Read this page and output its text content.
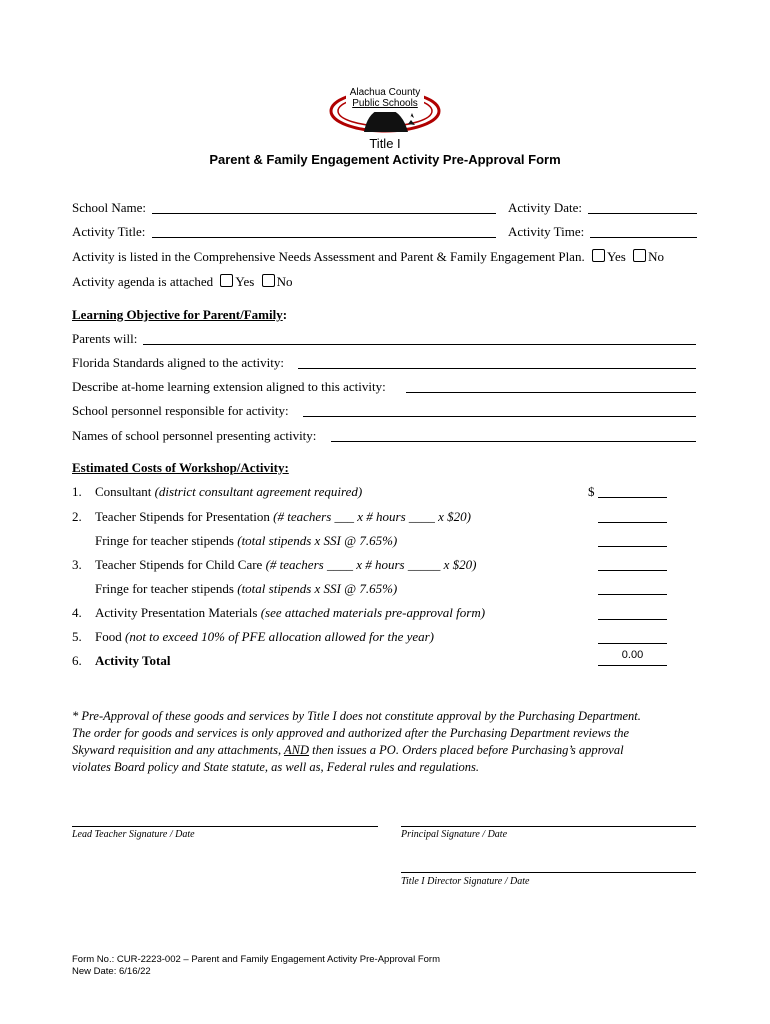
Alachua County
Public Schools
Title I
Parent & Family Engagement Activity Pre-Approval Form
School Name:	Activity Date:
Activity Title:	Activity Time:
Activity is listed in the Comprehensive Needs Assessment and Parent & Family Engagement Plan. Yes No
Activity agenda is attached Yes No
Learning Objective for Parent/Family:
Parents will:
Florida Standards aligned to the activity:
Describe at-home learning extension aligned to this activity:
School personnel responsible for activity:
Names of school personnel presenting activity:
Estimated Costs of Workshop/Activity:
1. Consultant (district consultant agreement required)	$
2. Teacher Stipends for Presentation (# teachers ___ x # hours ____ x $20)
Fringe for teacher stipends (total stipends x SSI @ 7.65%)
3. Teacher Stipends for Child Care (# teachers ____ x # hours _____ x $20)
Fringe for teacher stipends (total stipends x SSI @ 7.65%)
4. Activity Presentation Materials (see attached materials pre-approval form)
5. Food (not to exceed 10% of PFE allocation allowed for the year)
6. Activity Total	0.00
* Pre-Approval of these goods and services by Title I does not constitute approval by the Purchasing Department.
The order for goods and services is only approved and authorized after the Purchasing Department reviews the
Skyward requisition and any attachments, AND then issues a PO. Orders placed before Purchasing’s approval
violates Board policy and State statute, as well as, Federal rules and regulations.
Lead Teacher Signature / Date	Principal Signature / Date
Title I Director Signature / Date
Form No.: CUR-2223-002 – Parent and Family Engagement Activity Pre-Approval Form
New Date: 6/16/22
